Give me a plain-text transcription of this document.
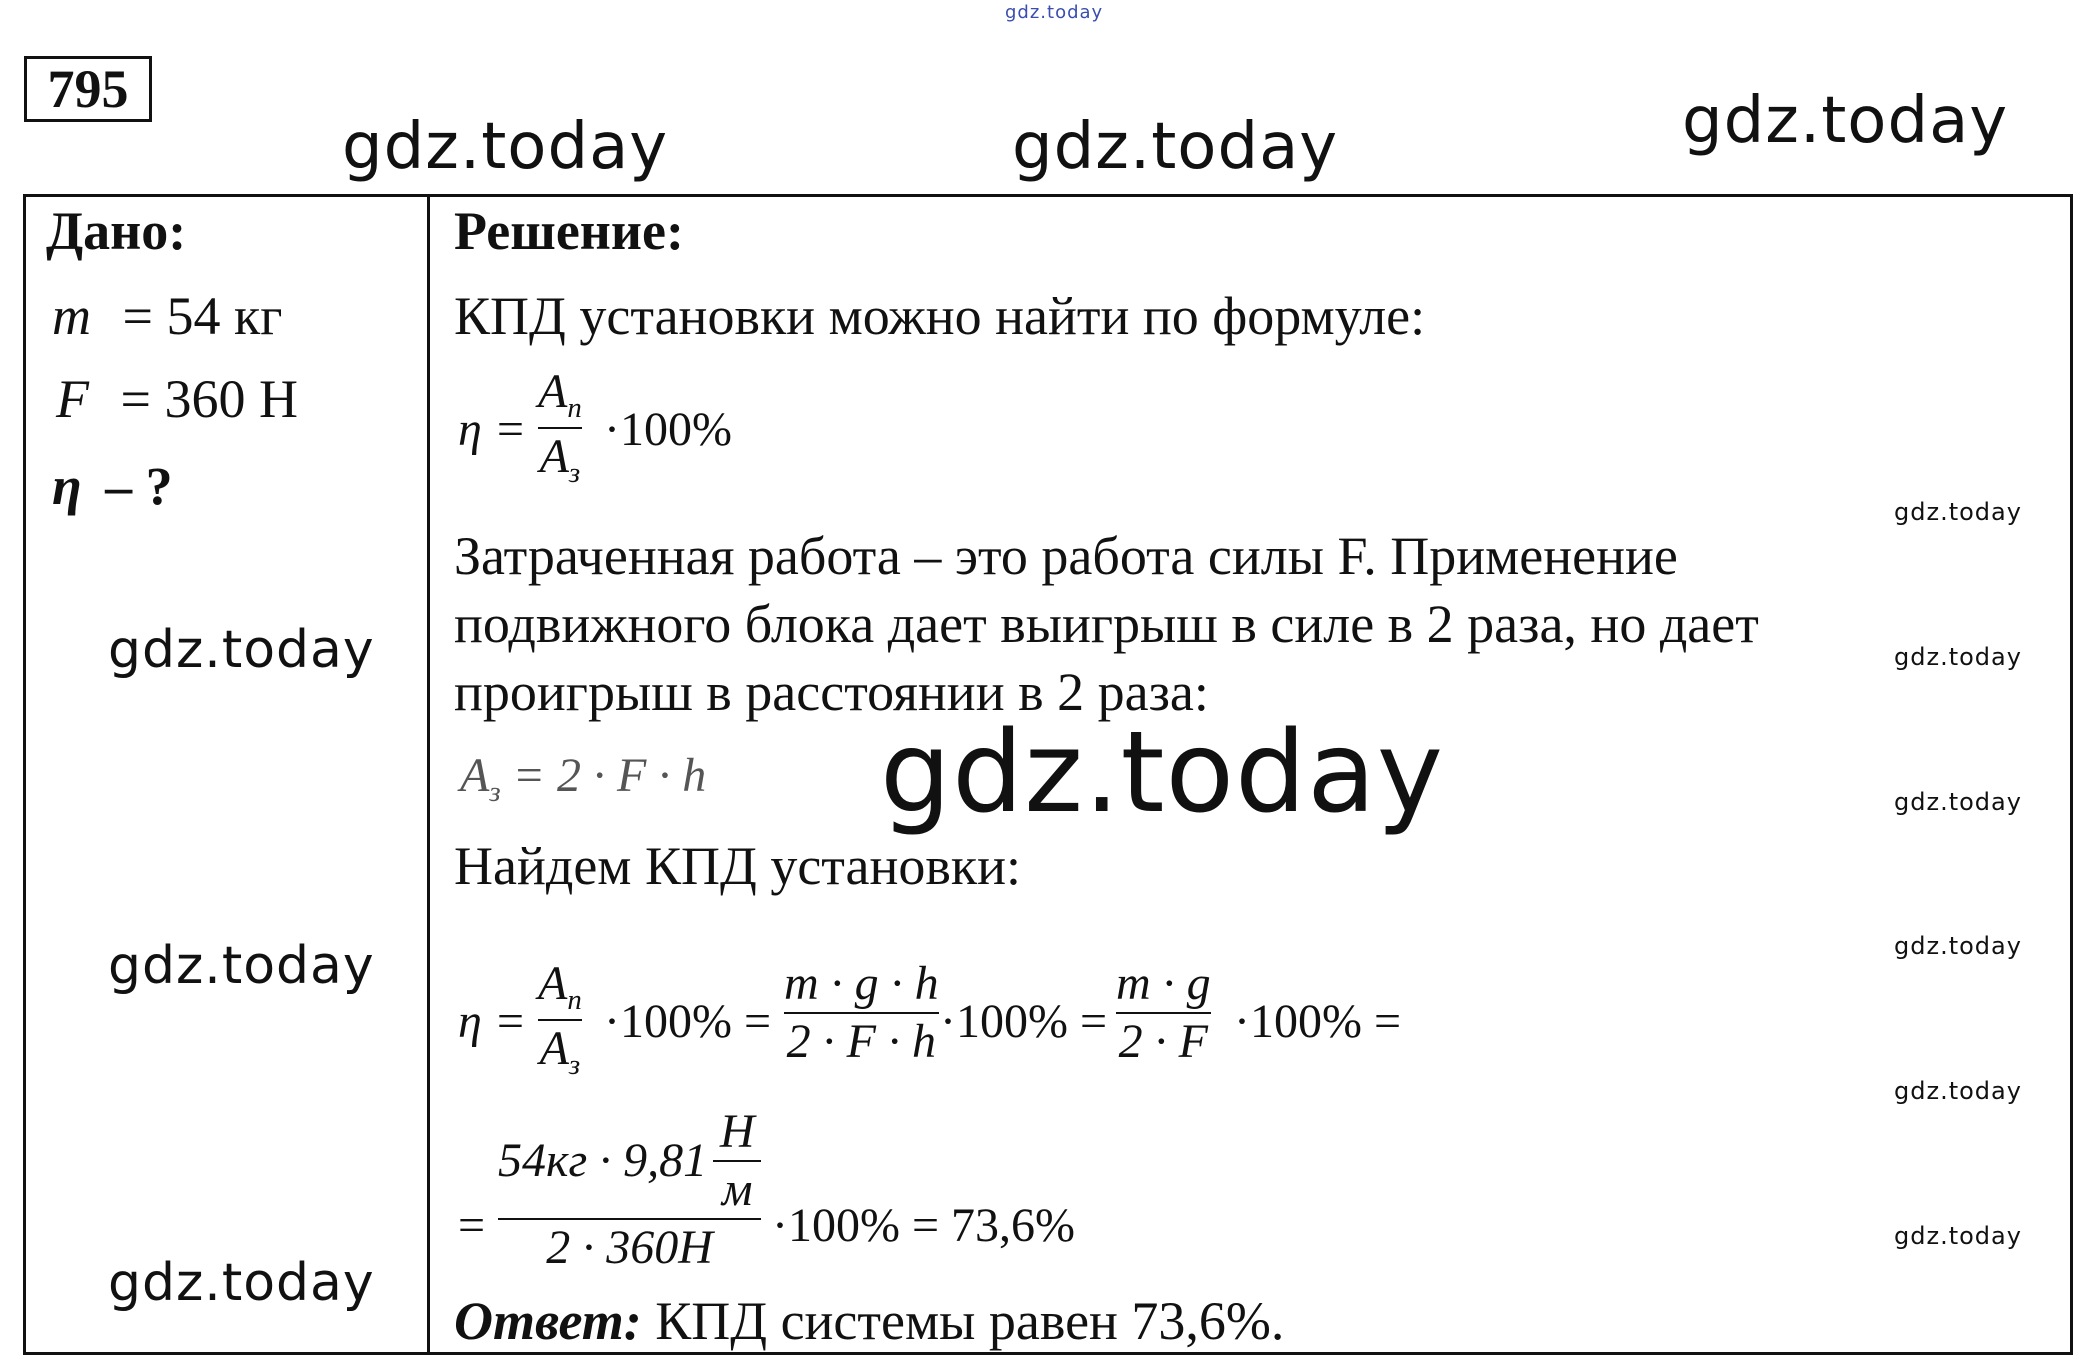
gdz.today
795
gdz.today	gdz.today	gdz.today
Дано:
m = 54 кг
F = 360 Н
η – ?
gdz.today
gdz.today
gdz.today
gdz.today
gdz.today
gdz.today
gdz.today
gdz.today
gdz.today
Решение:
КПД установки можно найти по формуле:
η =
$A_п$
$A_з$
·100%
Затраченная работа – это работа силы F. Применение
подвижного блока дает выигрыш в силе в 2 раза, но дает
проигрыш в расстоянии в 2 раза:
$A_з = 2 \cdot F \cdot h$ gdz.today
Найдем КПД установки:
η =
$A_п$
$A_з$
·100% =
m · g · h
2 · F · h ·100% =
m · g
2 · F ·100% =
=
54кг · 9,81
Н
м
2 · 360Н ·100% = 73,6%
Ответ: КПД системы равен 73,6%.
